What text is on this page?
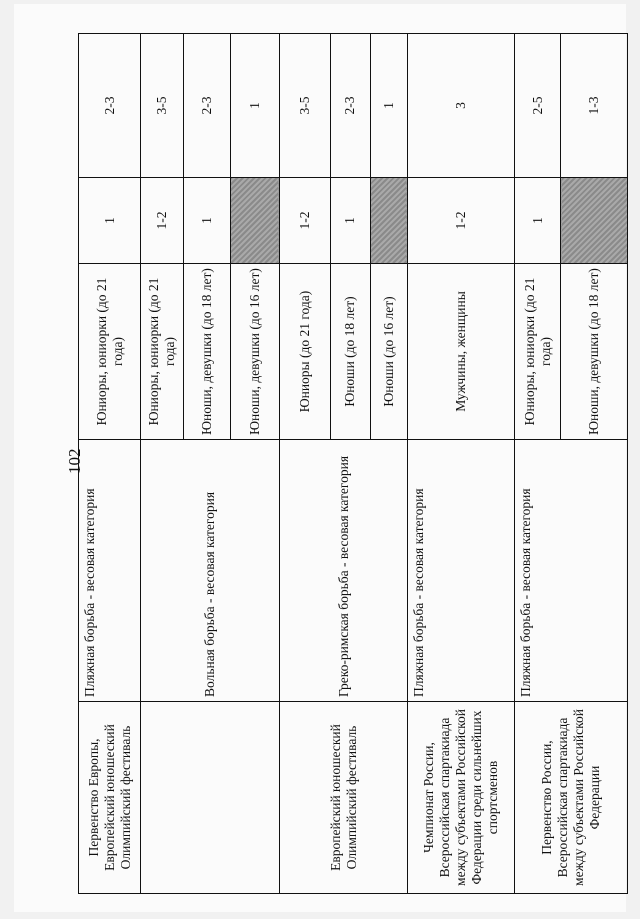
102
Первенство Европы, Европейский юношеский Олимпийский фестиваль	Пляжная борьба - весовая категория	Юниоры, юниорки (до 21 года)	1	2-3
	Вольная борьба - весовая категория	Юниоры, юниорки (до 21 года)	1-2	3-5
		Юноши, девушки (до 18 лет)	1	2-3
		Юноши, девушки (до 16 лет)		1
Европейский юношеский Олимпийский фестиваль	Греко-римская борьба - весовая категория	Юниоры (до 21 года)	1-2	3-5
		Юноши (до 18 лет)	1	2-3
		Юноши (до 16 лет)		1
Чемпионат России, Всероссийская спартакиада между субъектами Российской Федерации среди сильнейших спортсменов	Пляжная борьба - весовая категория	Мужчины, женщины	1-2	3
Первенство России, Всероссийская спартакиада между субъектами Российской Федерации	Пляжная борьба - весовая категория	Юниоры, юниорки (до 21 года)	1	2-5
		Юноши, девушки (до 18 лет)		1-3
